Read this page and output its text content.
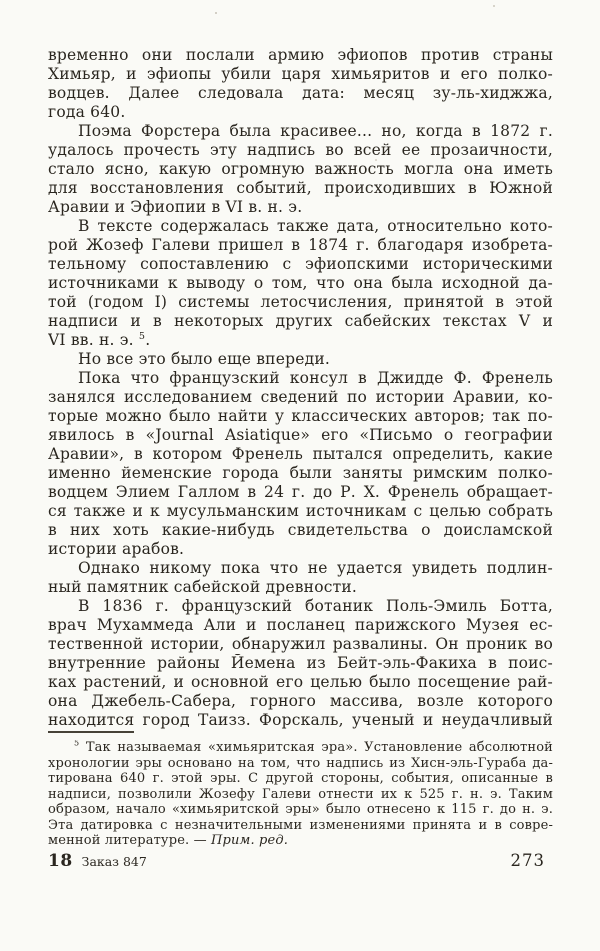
временно они послали армию эфиопов против страны
Химьяр, и эфиопы убили царя химьяритов и его полко-
водцев. Далее следовала дата: месяц зу-ль-хиджжа,
года 640.
Поэма Форстера была красивее... но, когда в 1872 г.
удалось прочесть эту надпись во всей ее прозаичности,
стало ясно, какую огромную важность могла она иметь
для восстановления событий, происходивших в Южной
Аравии и Эфиопии в VI в. н. э.
В тексте содержалась также дата, относительно кото-
рой Жозеф Галеви пришел в 1874 г. благодаря изобрета-
тельному сопоставлению с эфиопскими историческими
источниками к выводу о том, что она была исходной да-
той (годом I) системы летосчисления, принятой в этой
надписи и в некоторых других сабейских текстах V и
VI вв. н. э. $^5$.
Но все это было еще впереди.
Пока что французский консул в Джидде Ф. Френель
занялся исследованием сведений по истории Аравии, ко-
торые можно было найти у классических авторов; так по-
явилось в «Journal Asiatique» его «Письмо о географии
Аравии», в котором Френель пытался определить, какие
именно йеменские города были заняты римским полко-
водцем Элием Галлом в 24 г. до Р. Х. Френель обращает-
ся также и к мусульманским источникам с целью собрать
в них хоть какие-нибудь свидетельства о доисламской
истории арабов.
Однако никому пока что не удается увидеть подлин-
ный памятник сабейской древности.
В 1836 г. французский ботаник Поль-Эмиль Ботта,
врач Мухаммеда Али и посланец парижского Музея ес-
тественной истории, обнаружил развалины. Он проник во
внутренние районы Йемена из Бейт-эль-Факиха в поис-
ках растений, и основной его целью было посещение рай-
она Джебель-Сабера, горного массива, возле которого
находится город Таизз. Форскаль, ученый и неудачливый
$^5$ Так называемая «химьяритская эра». Установление абсолютной
хронологии эры основано на том, что надпись из Хисн-эль-Гураба да-
тирована 640 г. этой эры. С другой стороны, события, описанные в
надписи, позволили Жозефу Галеви отнести их к 525 г. н. э. Таким
образом, начало «химьяритской эры» было отнесено к 115 г. до н. э.
Эта датировка с незначительными изменениями принята и в совре-
менной литературе. — Прим. ред.
18 Заказ 847	273
